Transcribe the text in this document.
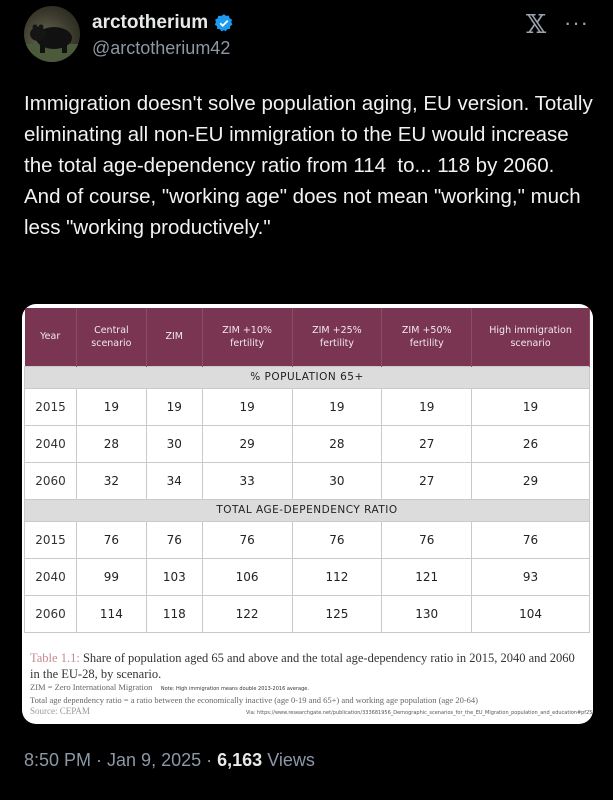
arctotherium
@arctotherium42
𝕏 ···
Immigration doesn't solve population aging, EU version. Totally eliminating all non-EU immigration to the EU would increase the total age-dependency ratio from 114  to... 118 by 2060.  And of course, "working age" does not mean "working," much less "working productively."
Year	Central scenario	ZIM	ZIM +10% fertility	ZIM +25% fertility	ZIM +50% fertility	High immigration scenario
% POPULATION 65+						
2015	19	19	19	19	19	19
2040	28	30	29	28	27	26
2060	32	34	33	30	27	29
TOTAL AGE-DEPENDENCY RATIO						
2015	76	76	76	76	76	76
2040	99	103	106	112	121	93
2060	114	118	122	125	130	104
Table 1.1: Share of population aged 65 and above and the total age-dependency ratio in 2015, 2040 and 2060 in the EU-28, by scenario.
ZIM = Zero International Migration Note: High immigration means double 2013-2016 average.
Total age dependency ratio = a ratio between the economically inactive (age 0-19 and 65+) and working age population (age 20-64)
Source: CEPAM	Via: https://www.researchgate.net/publication/333681956_Demographic_scenarios_for_the_EU_Migration_population_and_education#pf25
8:50 PM · Jan 9, 2025 · 6,163 Views
